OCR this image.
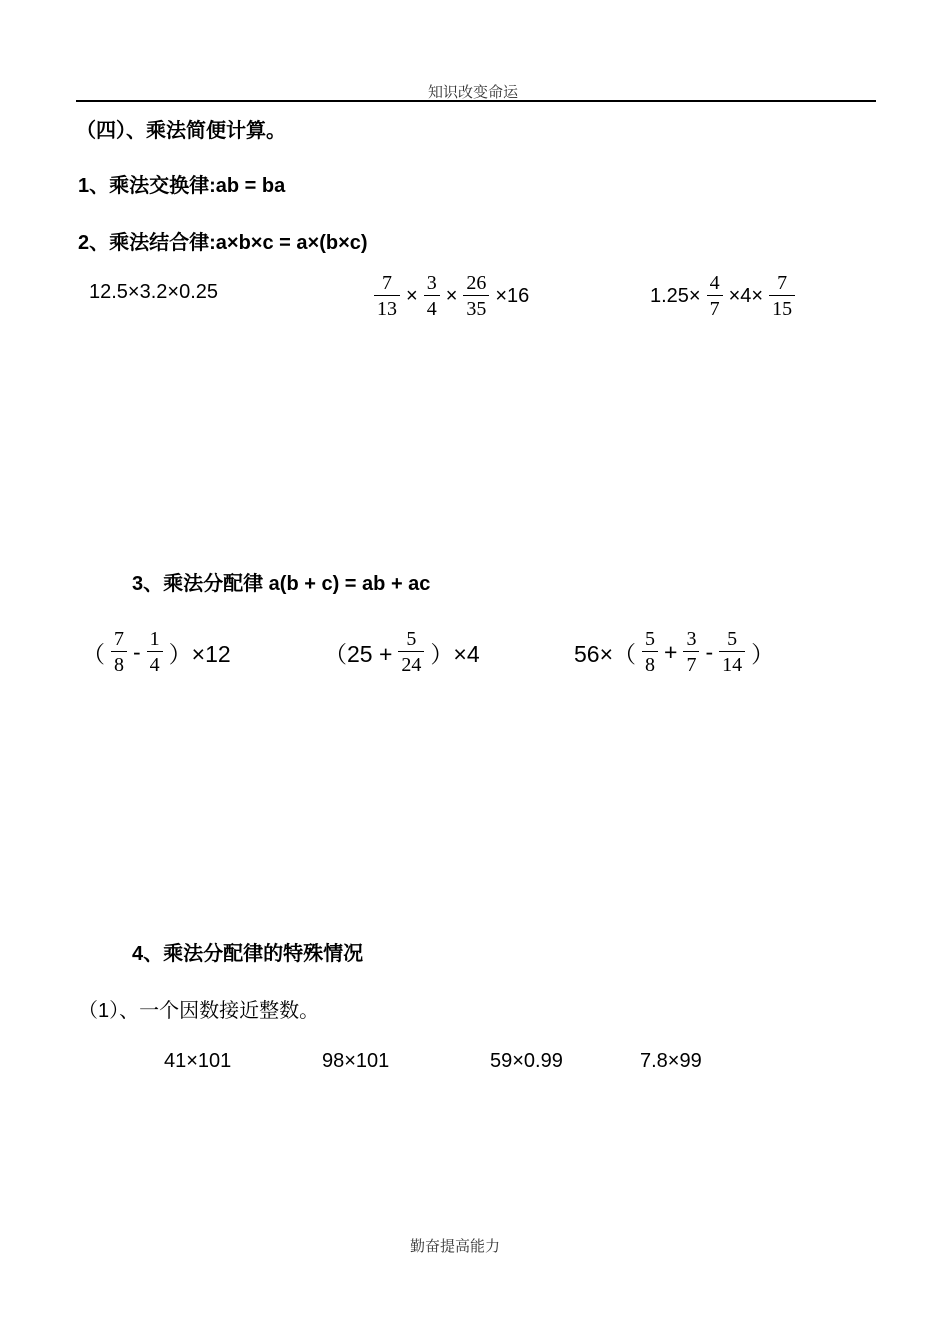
知识改变命运
（四）、乘法简便计算。
1、乘法交换律:ab = ba
2、乘法结合律:a×b×c = a×(b×c)
12.5×3.2×0.25	$\frac{7}{13} \times \frac{3}{4} \times \frac{26}{35} \times 16$	$1.25\times \frac{4}{7} \times 4\times \frac{7}{15}$
3、乘法分配律 a(b + c) = ab + ac
（ $\frac{7}{8} - \frac{1}{4} )\times 12$	$(25 + \frac{5}{24} )\times 4$	$56\times( \frac{5}{8} + \frac{3}{7} - \frac{5}{14}$ ）
4、乘法分配律的特殊情况
（1）、一个因数接近整数。
41×101	98×101	59×0.99	7.8×99
勤奋提高能力
